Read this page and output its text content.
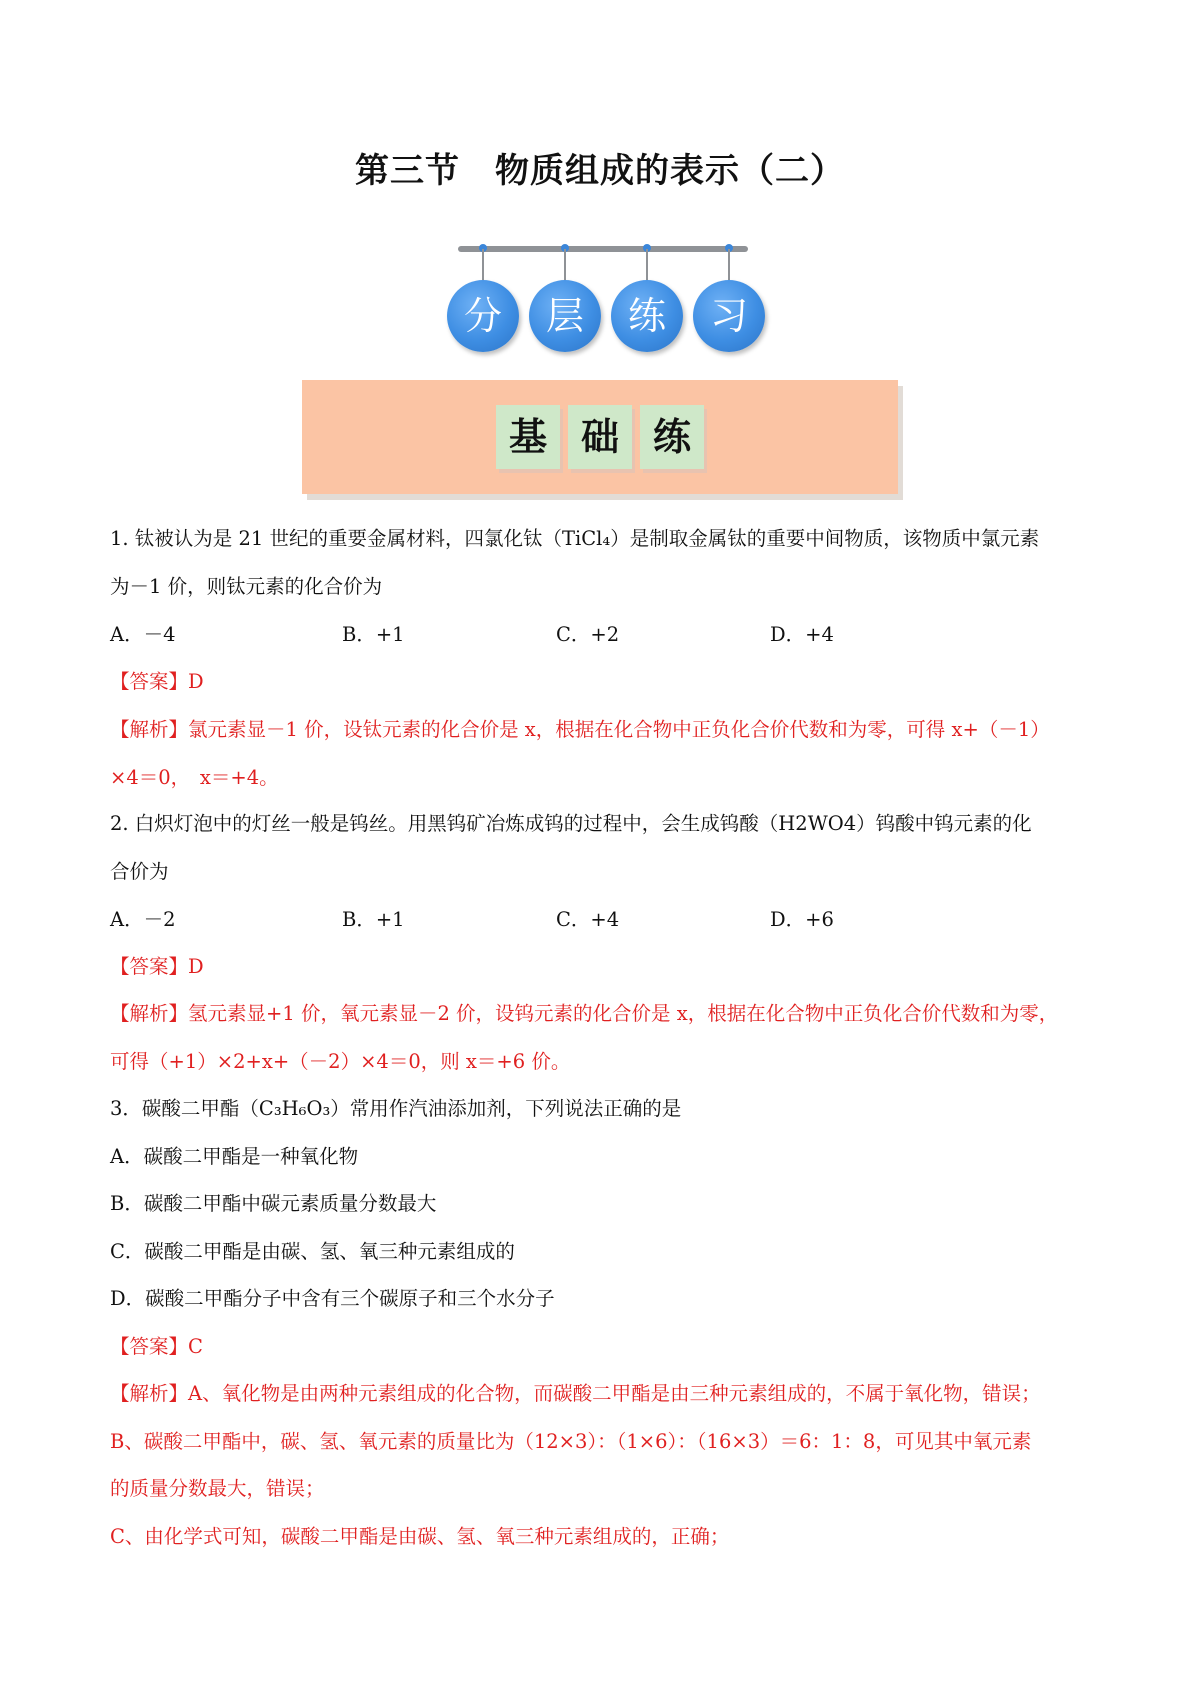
第三节　物质组成的表示（二）
分	层	练	习
基 础 练
1. 钛被认为是 21 世纪的重要金属材料，四氯化钛（TiCl₄）是制取金属钛的重要中间物质，该物质中氯元素
为－1 价，则钛元素的化合价为
A．－4	B．+1	C．+2	D．+4
【答案】D
【解析】氯元素显－1 价，设钛元素的化合价是 x，根据在化合物中正负化合价代数和为零，可得 x+（－1）
×4＝0，　x＝+4。
2. 白炽灯泡中的灯丝一般是钨丝。用黑钨矿冶炼成钨的过程中，会生成钨酸（H2WO4）钨酸中钨元素的化
合价为
A．－2	B．+1	C．+4	D．+6
【答案】D
【解析】氢元素显+1 价，氧元素显－2 价，设钨元素的化合价是 x，根据在化合物中正负化合价代数和为零，
可得（+1）×2+x+（－2）×4＝0，则 x＝+6 价。
3．碳酸二甲酯（C₃H₆O₃）常用作汽油添加剂，下列说法正确的是
A．碳酸二甲酯是一种氧化物
B．碳酸二甲酯中碳元素质量分数最大
C．碳酸二甲酯是由碳、氢、氧三种元素组成的
D．碳酸二甲酯分子中含有三个碳原子和三个水分子
【答案】C
【解析】A、氧化物是由两种元素组成的化合物，而碳酸二甲酯是由三种元素组成的，不属于氧化物，错误；
B、碳酸二甲酯中，碳、氢、氧元素的质量比为（12×3）：（1×6）：（16×3）＝6：1：8，可见其中氧元素
的质量分数最大，错误；
C、由化学式可知，碳酸二甲酯是由碳、氢、氧三种元素组成的，正确；
